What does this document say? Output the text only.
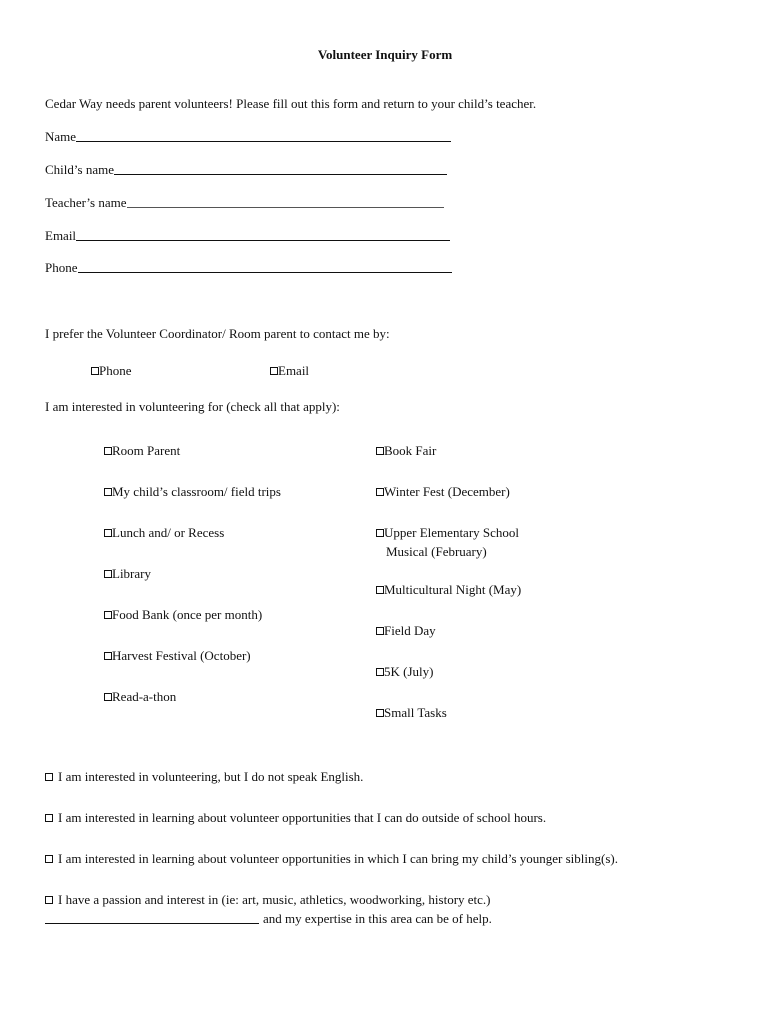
Volunteer Inquiry Form
Cedar Way needs parent volunteers! Please fill out this form and return to your child’s teacher.
Name
Child’s name
Teacher’s name
Email
Phone
I prefer the Volunteer Coordinator/ Room parent to contact me by:
Phone	Email
I am interested in volunteering for (check all that apply):
Room Parent
My child’s classroom/ field trips
Lunch and/ or Recess
Library
Food Bank (once per month)
Harvest Festival (October)
Read-a-thon
Book Fair
Winter Fest (December)
Upper Elementary School
Musical (February)
Multicultural Night (May)
Field Day
5K (July)
Small Tasks
I am interested in volunteering, but I do not speak English.
I am interested in learning about volunteer opportunities that I can do outside of school hours.
I am interested in learning about volunteer opportunities in which I can bring my child’s younger sibling(s).
I have a passion and interest in (ie: art, music, athletics, woodworking, history etc.)
and my expertise in this area can be of help.
